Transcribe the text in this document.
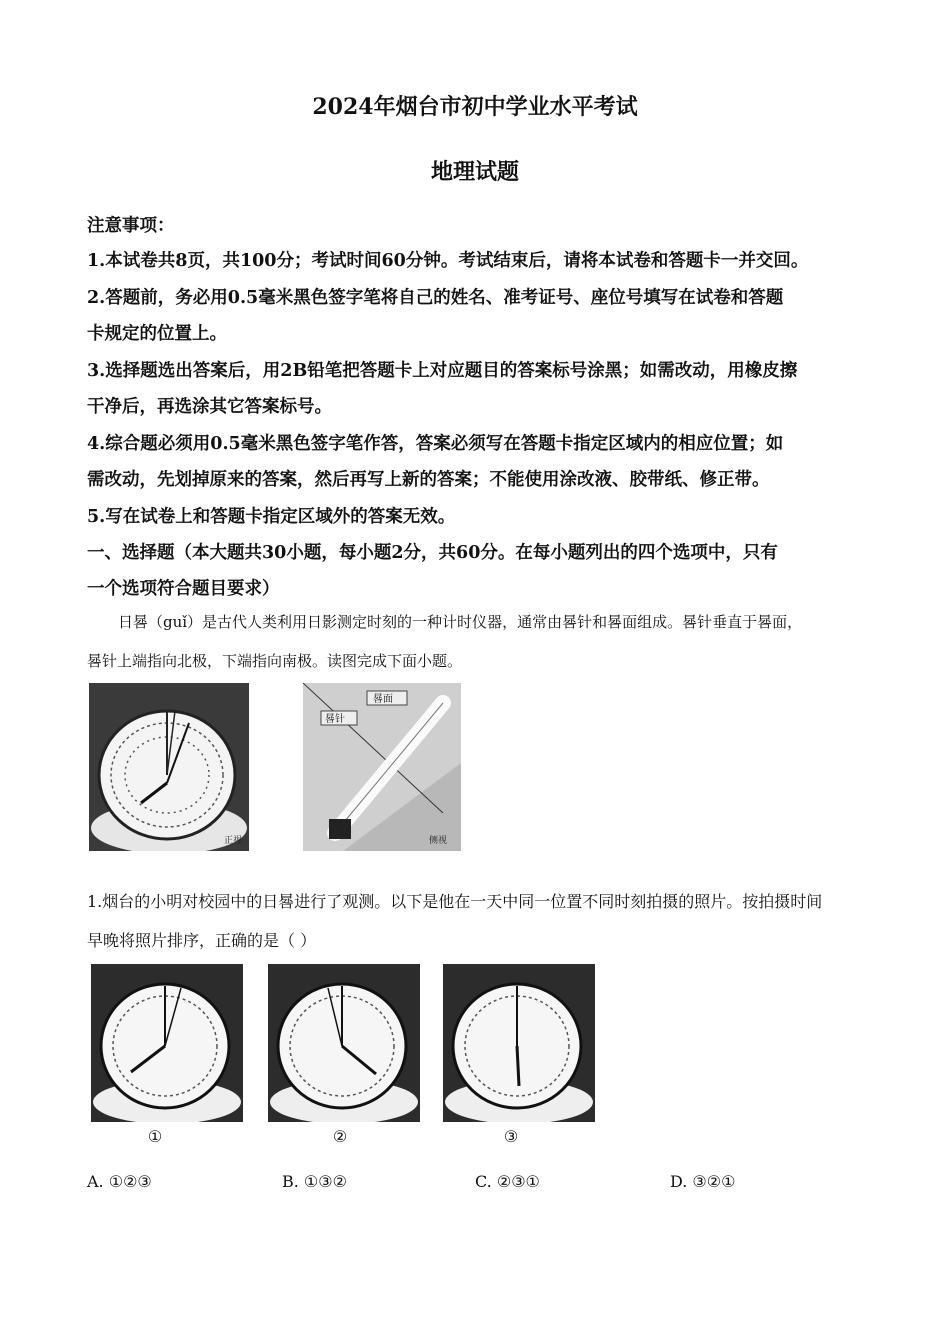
2024年烟台市初中学业水平考试
地理试题
注意事项：
1.本试卷共8页，共100分；考试时间60分钟。考试结束后，请将本试卷和答题卡一并交回。
2.答题前，务必用0.5毫米黑色签字笔将自己的姓名、准考证号、座位号填写在试卷和答题
卡规定的位置上。
3.选择题选出答案后，用2B铅笔把答题卡上对应题目的答案标号涂黑；如需改动，用橡皮擦
干净后，再选涂其它答案标号。
4.综合题必须用0.5毫米黑色签字笔作答，答案必须写在答题卡指定区域内的相应位置；如
需改动，先划掉原来的答案，然后再写上新的答案；不能使用涂改液、胶带纸、修正带。
5.写在试卷上和答题卡指定区域外的答案无效。
一、选择题（本大题共30小题，每小题2分，共60分。在每小题列出的四个选项中，只有
一个选项符合题目要求）
日晷（guǐ）是古代人类利用日影测定时刻的一种计时仪器，通常由晷针和晷面组成。晷针垂直于晷面，
晷针上端指向北极，下端指向南极。读图完成下面小题。
正视
晷针
晷面
侧视
1.烟台的小明对校园中的日晷进行了观测。以下是他在一天中同一位置不同时刻拍摄的照片。按拍摄时间
早晚将照片排序，正确的是（ ）
①	②	③
A. ①②③	B. ①③②	C. ②③①	D. ③②①
